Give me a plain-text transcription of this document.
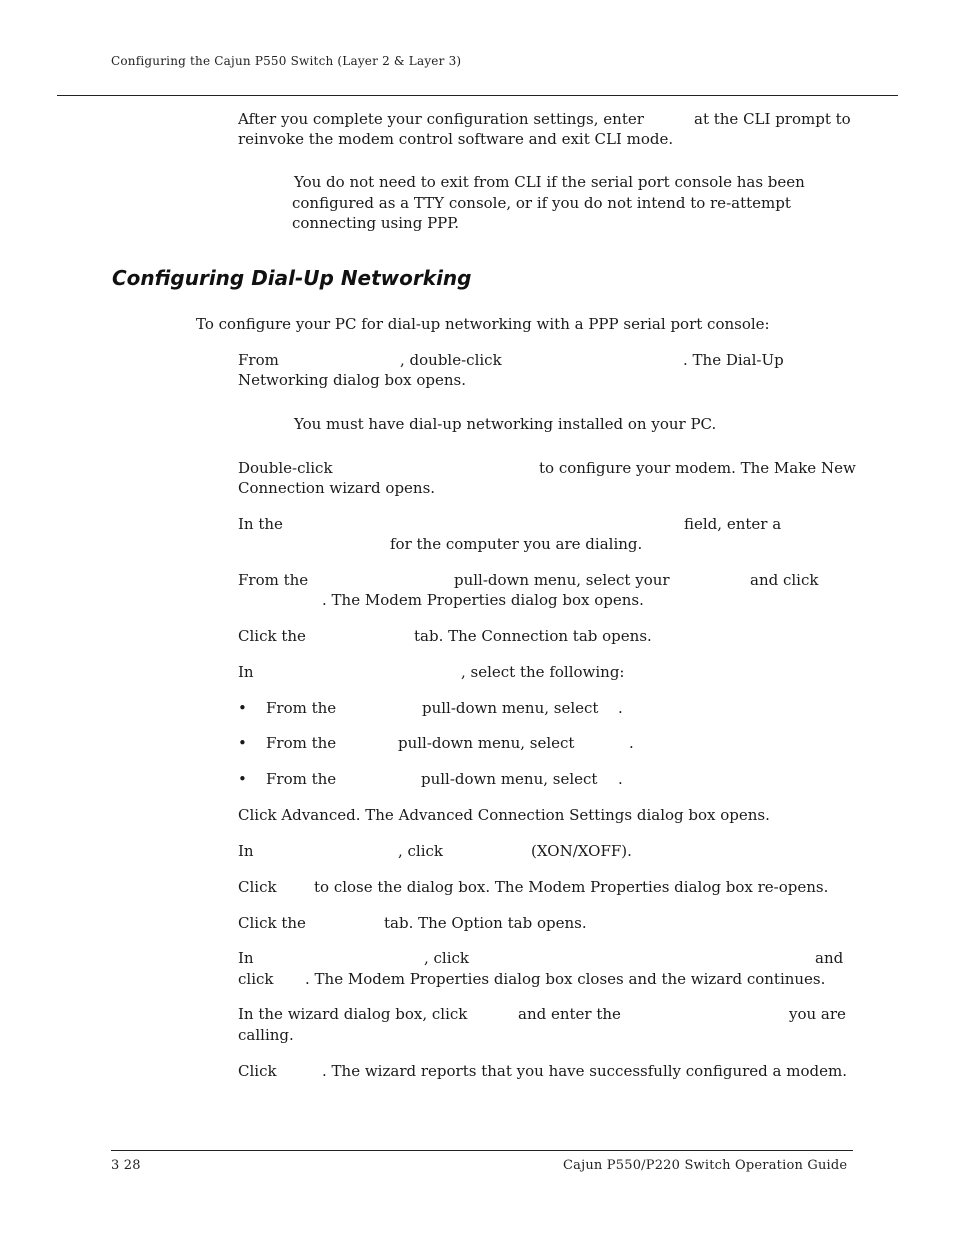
Configuring the Cajun P550 Switch (Layer 2 & Layer 3)
After you complete your configuration settings, enter	at the CLI prompt to
reinvoke the modem control software and exit CLI mode.
You do not need to exit from CLI if the serial port console has been
configured as a TTY console, or if you do not intend to re-attempt
connecting using PPP.
Configuring Dial-Up Networking
To configure your PC for dial-up networking with a PPP serial port console:
From	, double-click	. The Dial-Up
Networking dialog box opens.
You must have dial-up networking installed on your PC.
Double-click	to configure your modem. The Make New
Connection wizard opens.
In the	field, enter a
for the computer you are dialing.
From the	pull-down menu, select your	and click
. The Modem Properties dialog box opens.
Click the	tab. The Connection tab opens.
In	, select the following:
• From the	pull-down menu, select .
• From the	pull-down menu, select	.
• From the	pull-down menu, select .
Click Advanced. The Advanced Connection Settings dialog box opens.
In	, click	(XON/XOFF).
Click to close the dialog box. The Modem Properties dialog box re-opens.
Click the	tab. The Option tab opens.
In	, click	and
click . The Modem Properties dialog box closes and the wizard continues.
In the wizard dialog box, click	and enter the	you are
calling.
Click	. The wizard reports that you have successfully configured a modem.
3 28	Cajun P550/P220 Switch Operation Guide
